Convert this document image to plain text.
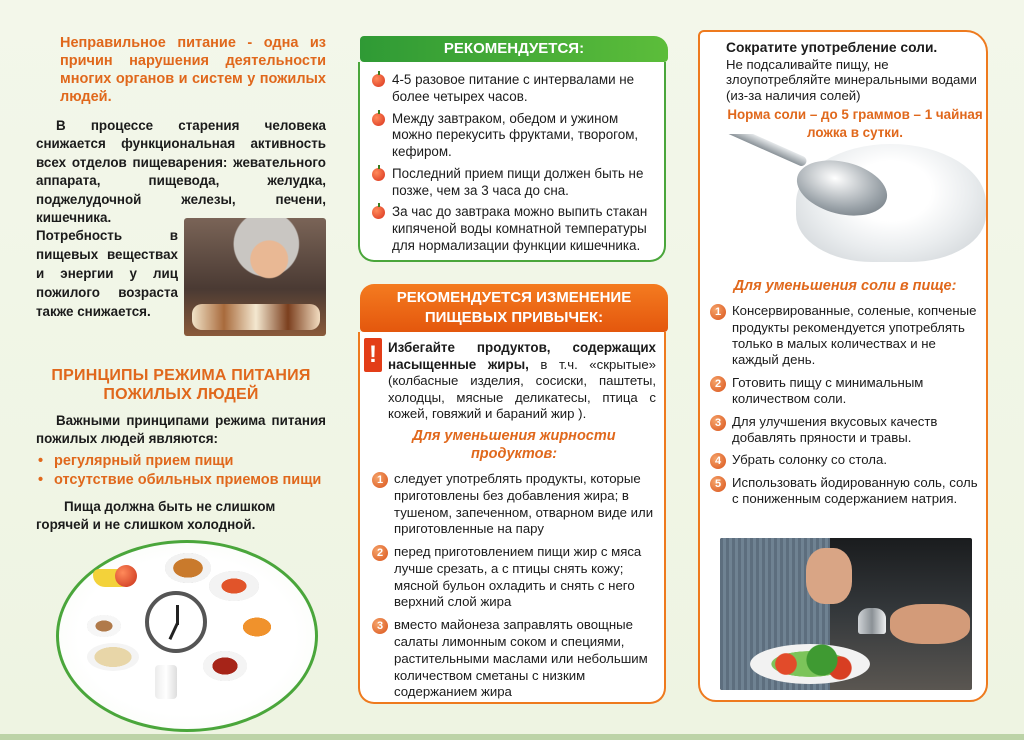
Неправильное питание - одна из причин нарушения деятельности многих органов и систем у пожилых людей.

В процессе старения человека снижается функциональная активность всех отделов пищеварения: жевательного аппарата, пищевода, желудка, поджелудочной железы, печени, кишечника.

Потребность в пищевых веществах и энергии у лиц пожилого возраста также снижается.

ПРИНЦИПЫ РЕЖИМА ПИТАНИЯ ПОЖИЛЫХ ЛЮДЕЙ

Важными принципами режима питания пожилых людей являются:

• регулярный прием пищи
• отсутствие обильных приемов пищи

Пища должна быть не слишком горячей и не слишком холодной.

РЕКОМЕНДУЕТСЯ:
4-5 разовое питание с интервалами не более четырех часов.
Между завтраком, обедом и ужином можно перекусить фруктами, творогом, кефиром.
Последний прием пищи должен быть не позже, чем за 3 часа до сна.
За час до завтрака можно выпить стакан кипяченой воды комнатной температуры для нормализации функции кишечника.
РЕКОМЕНДУЕТСЯ ИЗМЕНЕНИЕ
ПИЩЕВЫХ ПРИВЫЧЕК:
! Избегайте продуктов, содержащих насыщенные жиры, в т.ч. «скрытые» (колбасные изделия, сосиски, паштеты, холодцы, мясные деликатесы, птица с кожей, говяжий и бараний жир ).

Для уменьшения жирности продуктов:

1 следует употреблять продукты, которые приготовлены без добавления жира; в тушеном, запеченном, отварном виде или приготовленные на пару
2 перед приготовлением пищи жир с мяса лучше срезать, а с птицы снять кожу; мясной бульон охладить и снять с него верхний слой жира
3 вместо майонеза заправлять овощные салаты лимонным соком и специями, растительными маслами или небольшим количеством сметаны с низким содержанием жира
Сократите употребление соли.
Не подсаливайте пищу, не злоупотребляйте минеральными водами (из-за наличия солей)
Норма соли – до 5 граммов – 1 чайная ложка в сутки.

Для уменьшения соли в пище:

1 Консервированные, соленые, копченые продукты рекомендуется употреблять только в малых количествах и не каждый день.
2 Готовить пищу с минимальным количеством соли.
3 Для улучшения вкусовых качеств добавлять пряности и травы.
4 Убрать солонку со стола.
5 Использовать йодированную соль, соль с пониженным содержанием натрия.
